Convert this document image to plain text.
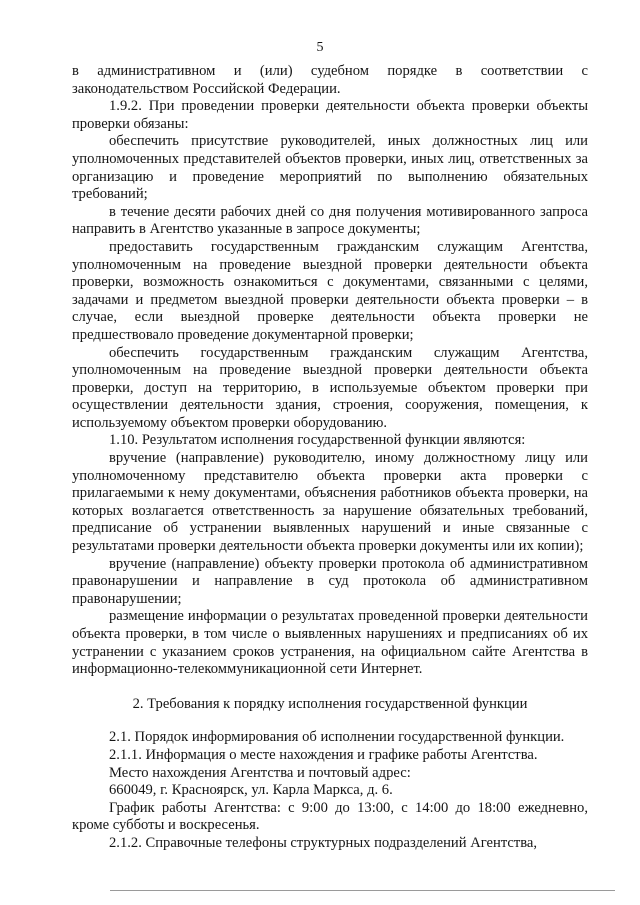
5

в административном и (или) судебном порядке в соответствии с законодательством Российской Федерации.

1.9.2. При проведении проверки деятельности объекта проверки объекты проверки обязаны:

обеспечить присутствие руководителей, иных должностных лиц или уполномоченных представителей объектов проверки, иных лиц, ответственных за организацию и проведение мероприятий по выполнению обязательных требований;

в течение десяти рабочих дней со дня получения мотивированного запроса направить в Агентство указанные в запросе документы;

предоставить государственным гражданским служащим Агентства, уполномоченным на проведение выездной проверки деятельности объекта проверки, возможность ознакомиться с документами, связанными с целями, задачами и предметом выездной проверки деятельности объекта проверки – в случае, если выездной проверке деятельности объекта проверки не предшествовало проведение документарной проверки;

обеспечить государственным гражданским служащим Агентства, уполномоченным на проведение выездной проверки деятельности объекта проверки, доступ на территорию, в используемые объектом проверки при осуществлении деятельности здания, строения, сооружения, помещения, к используемому объектом проверки оборудованию.

1.10. Результатом исполнения государственной функции являются:

вручение (направление) руководителю, иному должностному лицу или уполномоченному представителю объекта проверки акта проверки с прилагаемыми к нему документами, объяснения работников объекта проверки, на которых возлагается ответственность за нарушение обязательных требований, предписание об устранении выявленных нарушений и иные связанные с результатами проверки деятельности объекта проверки документы или их копии);

вручение (направление) объекту проверки протокола об административном правонарушении и направление в суд протокола об административном правонарушении;

размещение информации о результатах проведенной проверки деятельности объекта проверки, в том числе о выявленных нарушениях и предписаниях об их устранении с указанием сроков устранения, на официальном сайте Агентства в информационно-телекоммуникационной сети Интернет.

2. Требования к порядку исполнения государственной функции

2.1. Порядок информирования об исполнении государственной функции.

2.1.1. Информация о месте нахождения и графике работы Агентства.

Место нахождения Агентства и почтовый адрес:

660049, г. Красноярск, ул. Карла Маркса, д. 6.

График работы Агентства: с 9:00 до 13:00, с 14:00 до 18:00 ежедневно, кроме субботы и воскресенья.

2.1.2. Справочные телефоны структурных подразделений Агентства,
